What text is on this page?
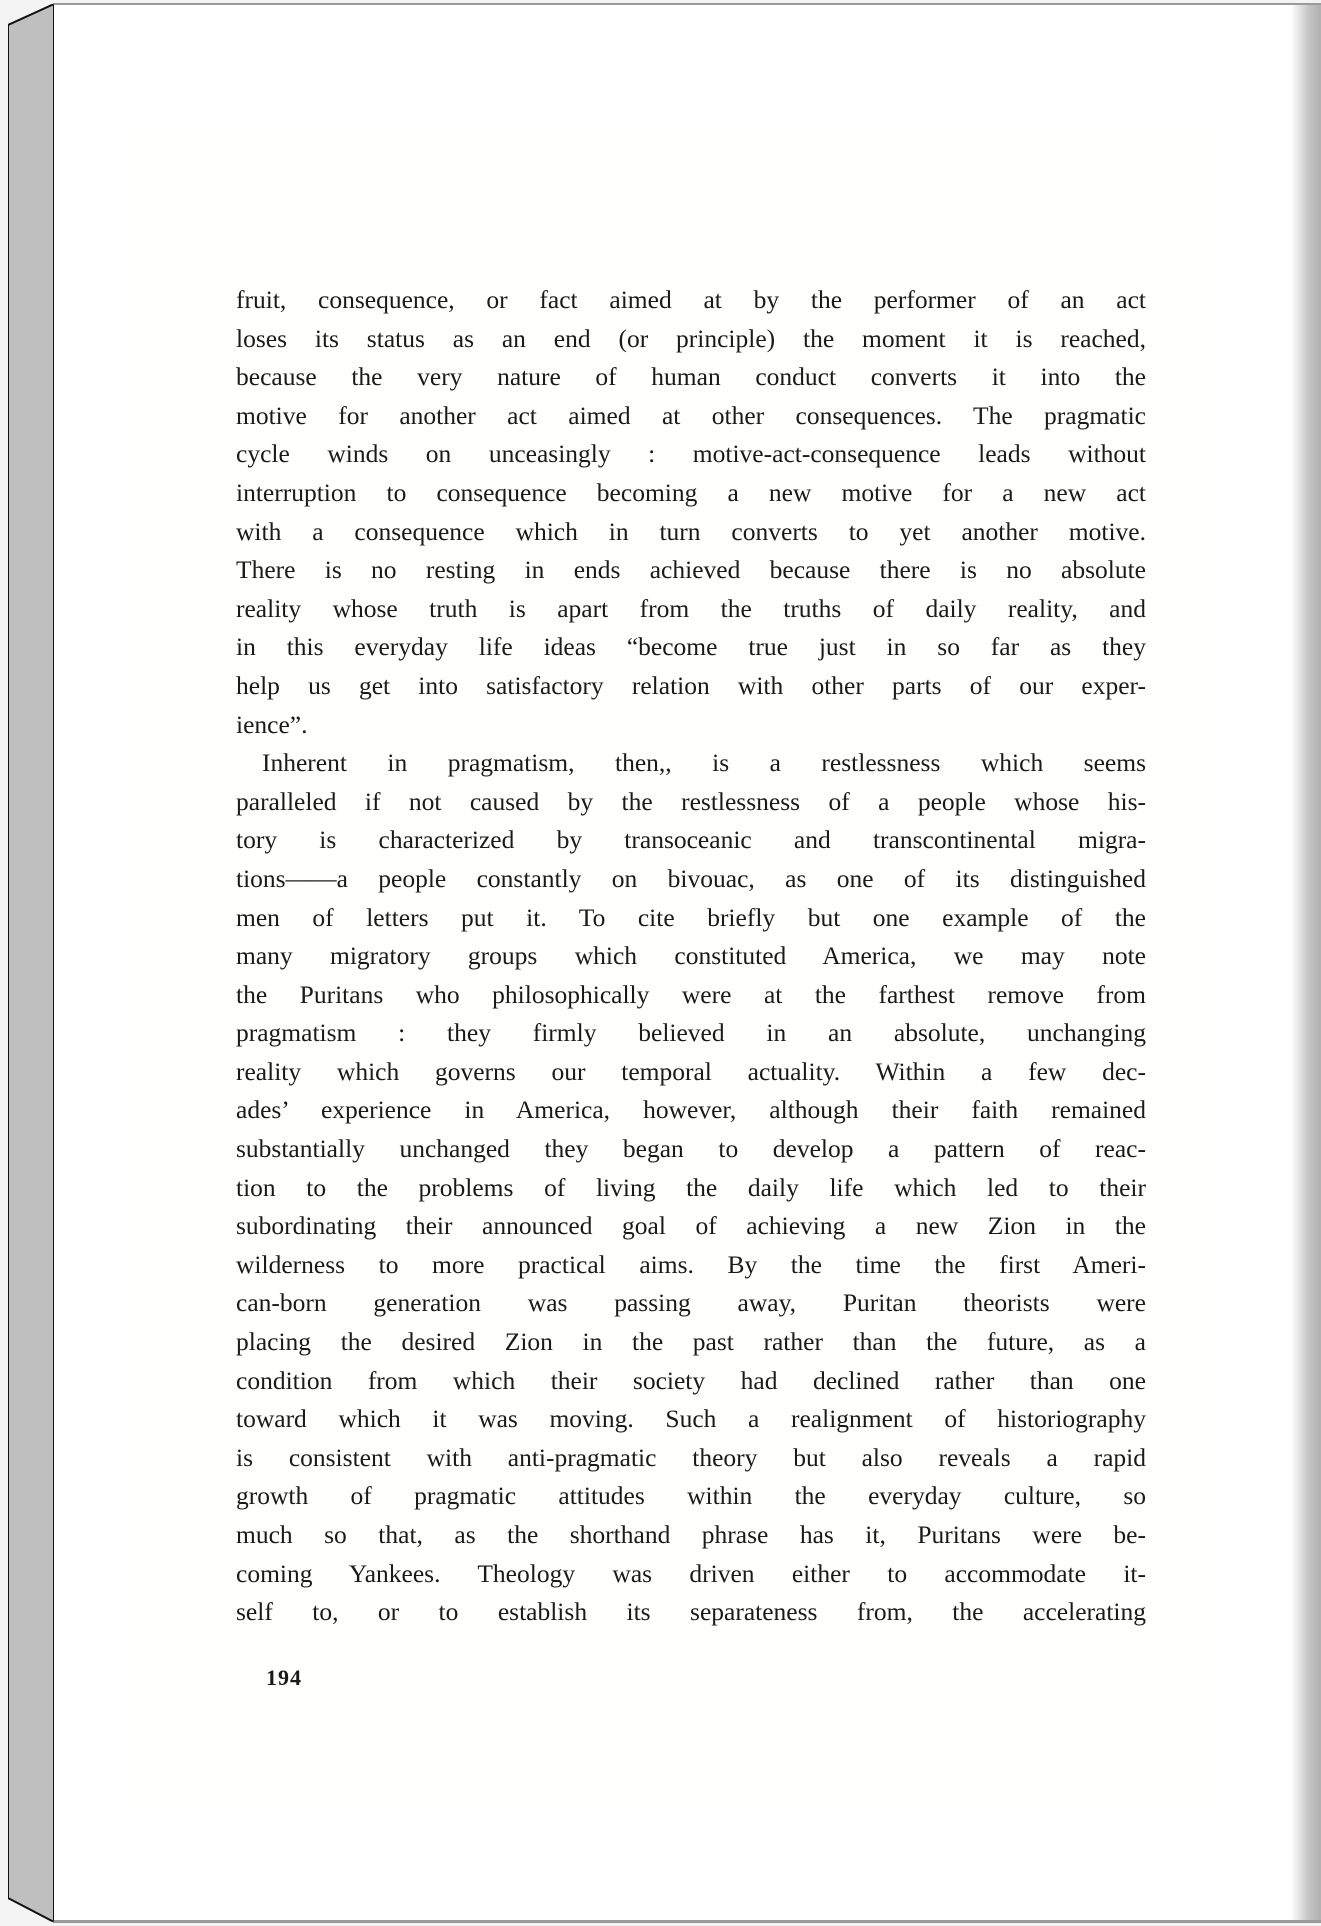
fruit, consequence, or fact aimed at by the performer of an act
loses its status as an end (or principle) the moment it is reached,
because the very nature of human conduct converts it into the
motive for another act aimed at other consequences. The pragmatic
cycle winds on unceasingly : motive-act-consequence leads without
interruption to consequence becoming a new motive for a new act
with a consequence which in turn converts to yet another motive.
There is no resting in ends achieved because there is no absolute
reality whose truth is apart from the truths of daily reality, and
in this everyday life ideas “become true just in so far as they
help us get into satisfactory relation with other parts of our exper-
ience”.
Inherent in pragmatism, then,, is a restlessness which seems
paralleled if not caused by the restlessness of a people whose his-
tory is characterized by transoceanic and transcontinental migra-
tions——a people constantly on bivouac, as one of its distinguished
men of letters put it. To cite briefly but one example of the
many migratory groups which constituted America, we may note
the Puritans who philosophically were at the farthest remove from
pragmatism : they firmly believed in an absolute, unchanging
reality which governs our temporal actuality. Within a few dec-
ades’ experience in America, however, although their faith remained
substantially unchanged they began to develop a pattern of reac-
tion to the problems of living the daily life which led to their
subordinating their announced goal of achieving a new Zion in the
wilderness to more practical aims. By the time the first Ameri-
can-born generation was passing away, Puritan theorists were
placing the desired Zion in the past rather than the future, as a
condition from which their society had declined rather than one
toward which it was moving. Such a realignment of historiography
is consistent with anti-pragmatic theory but also reveals a rapid
growth of pragmatic attitudes within the everyday culture, so
much so that, as the shorthand phrase has it, Puritans were be-
coming Yankees. Theology was driven either to accommodate it-
self to, or to establish its separateness from, the accelerating
194
